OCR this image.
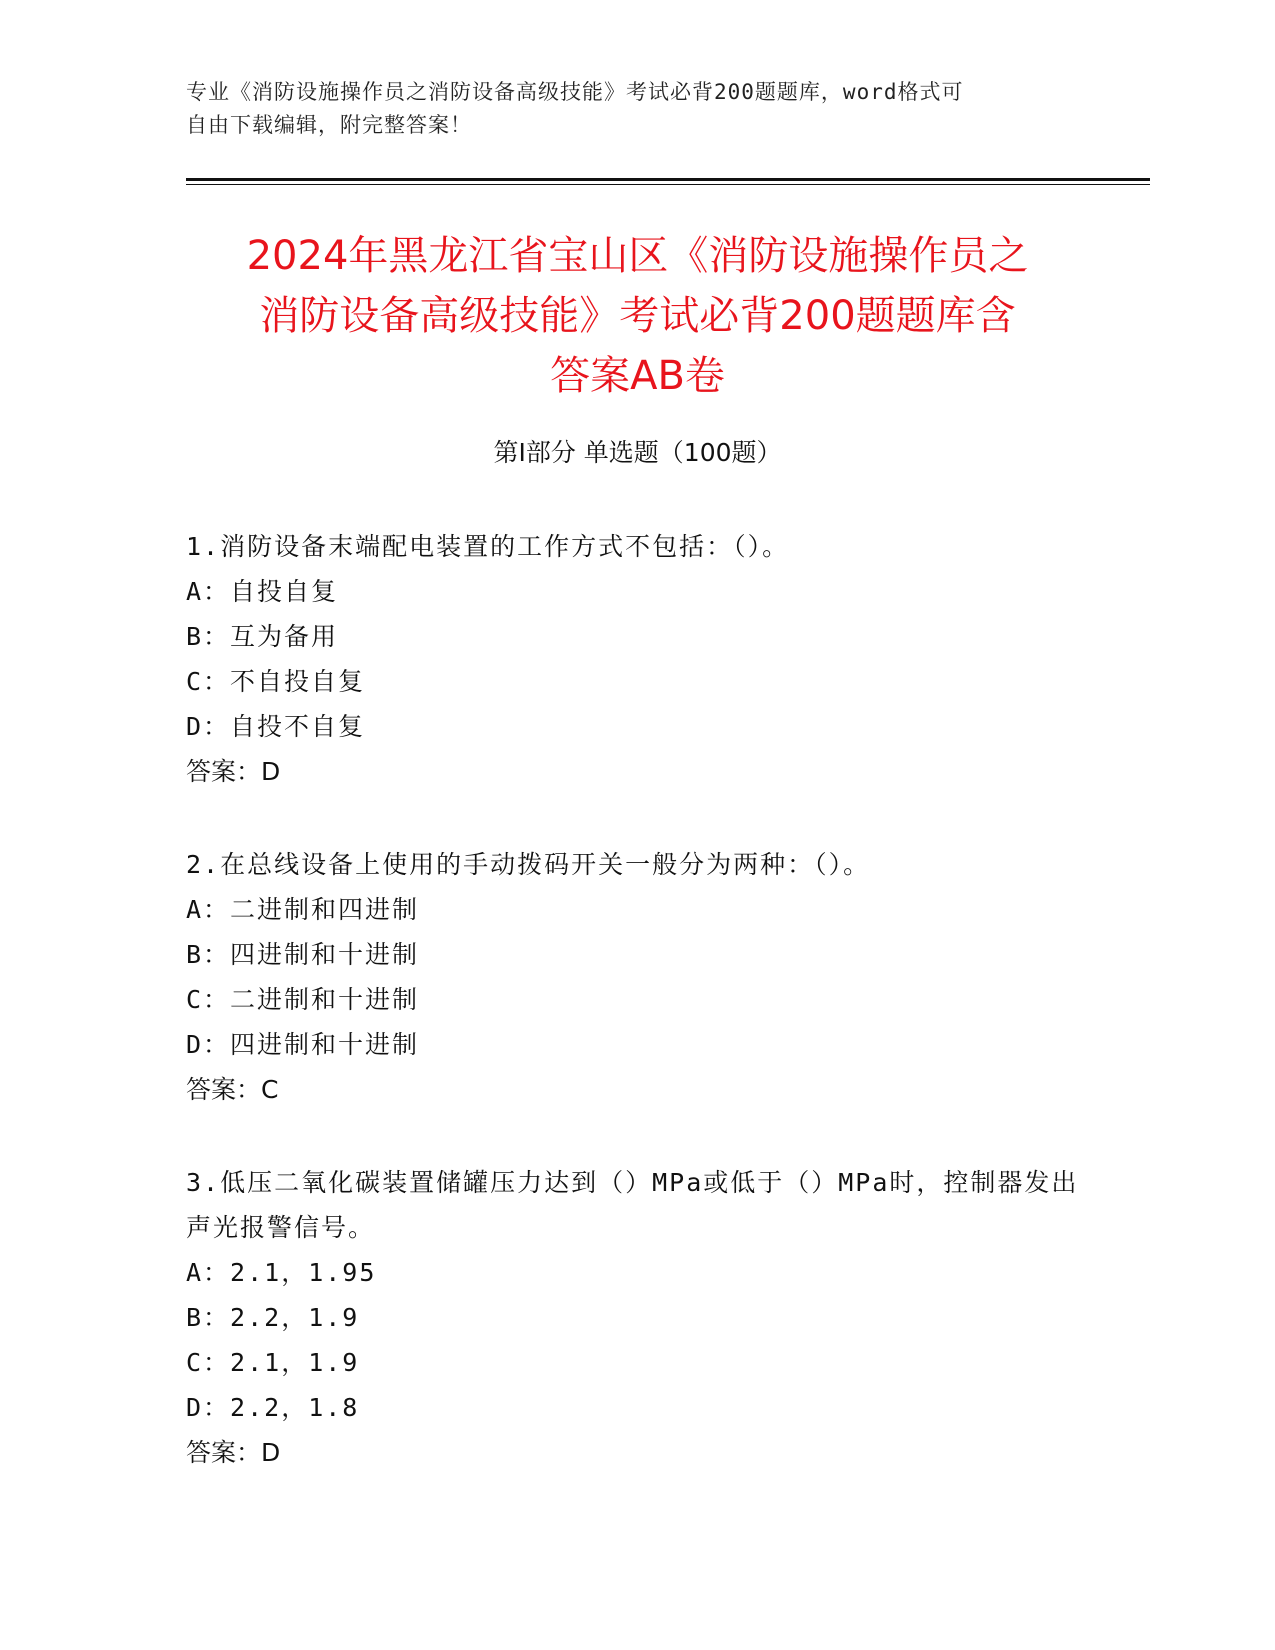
专业《消防设施操作员之消防设备高级技能》考试必背200题题库，word格式可
自由下载编辑，附完整答案！
2024年黑龙江省宝山区《消防设施操作员之
消防设备高级技能》考试必背200题题库含
答案AB卷
第Ⅰ部分 单选题（100题）
1.消防设备末端配电装置的工作方式不包括：（）。
A：自投自复
B：互为备用
C：不自投自复
D：自投不自复
答案：D
2.在总线设备上使用的手动拨码开关一般分为两种：（）。
A：二进制和四进制
B：四进制和十进制
C：二进制和十进制
D：四进制和十进制
答案：C
3.低压二氧化碳装置储罐压力达到（）MPa或低于（）MPa时，控制器发出声光报警信号。
A：2.1，1.95
B：2.2，1.9
C：2.1，1.9
D：2.2，1.8
答案：D
